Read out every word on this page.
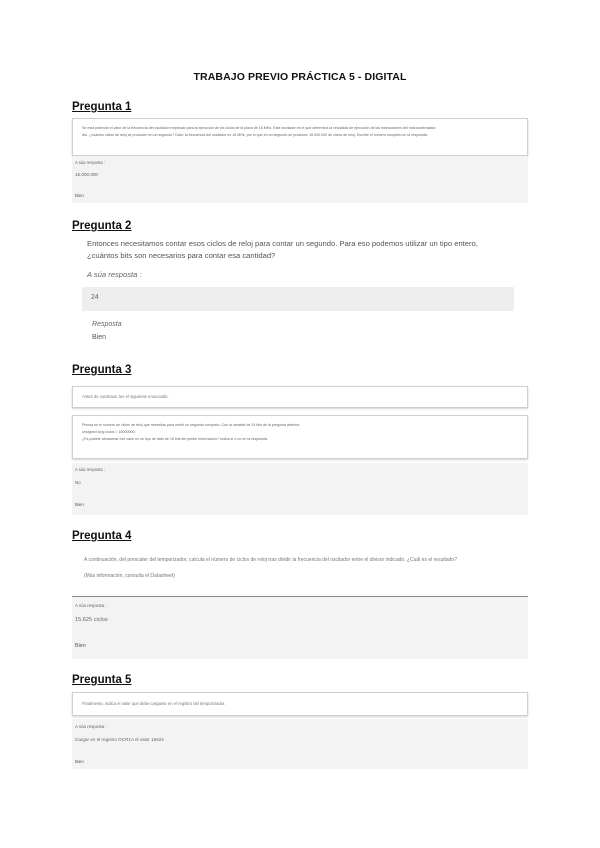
TRABAJO PREVIO PRÁCTICA 5 - DIGITAL
Pregunta 1
Se está pidiendo el valor de la frecuencia del oscilador empleado para la ejecución de los ciclos de la placa de 16 MHz. Este oscilador es el que determina la velocidad de ejecución de las instrucciones del microcontrolador.
Así, ¿cuántos ciclos de reloj se producen en un segundo? Dato: la frecuencia del oscilador es 16 MHz, por lo que en un segundo se producen 16.000.000 de ciclos de reloj. Escribe el número completo en la respuesta.
A súa resposta :
16.000.000
Bien
Pregunta 2
Entonces necesitamos contar esos ciclos de reloj para contar un segundo. Para eso podemos utilizar un tipo entero,
¿cuántos bits son necesarios para contar esa cantidad?
A súa resposta :
24
Resposta
Bien
Pregunta 3
Antes de continuar, lee el siguiente enunciado.
Piensa en el número de ciclos de reloj que necesitas para medir un segundo completo. Con la variable de 24 bits de la pregunta anterior:
unsigned long ciclos = 16000000;
¿Es posible almacenar ese valor en un tipo de dato de 16 bits sin perder información? Indica sí o no en la respuesta.
A súa resposta :
No
Bien
Pregunta 4
A continuación, del prescaler del temporizador, calcula el número de ciclos de reloj tras dividir la frecuencia del oscilador entre el divisor indicado. ¿Cuál es el resultado?
(Más información, consulta el Datasheet)
A súa resposta :
15.625 ciclos
Bien
Pregunta 5
Finalmente, indica el valor que debe cargarse en el registro del temporizador.
A súa resposta :
Cargar en el registro OCR1A el valor 15624
Bien
